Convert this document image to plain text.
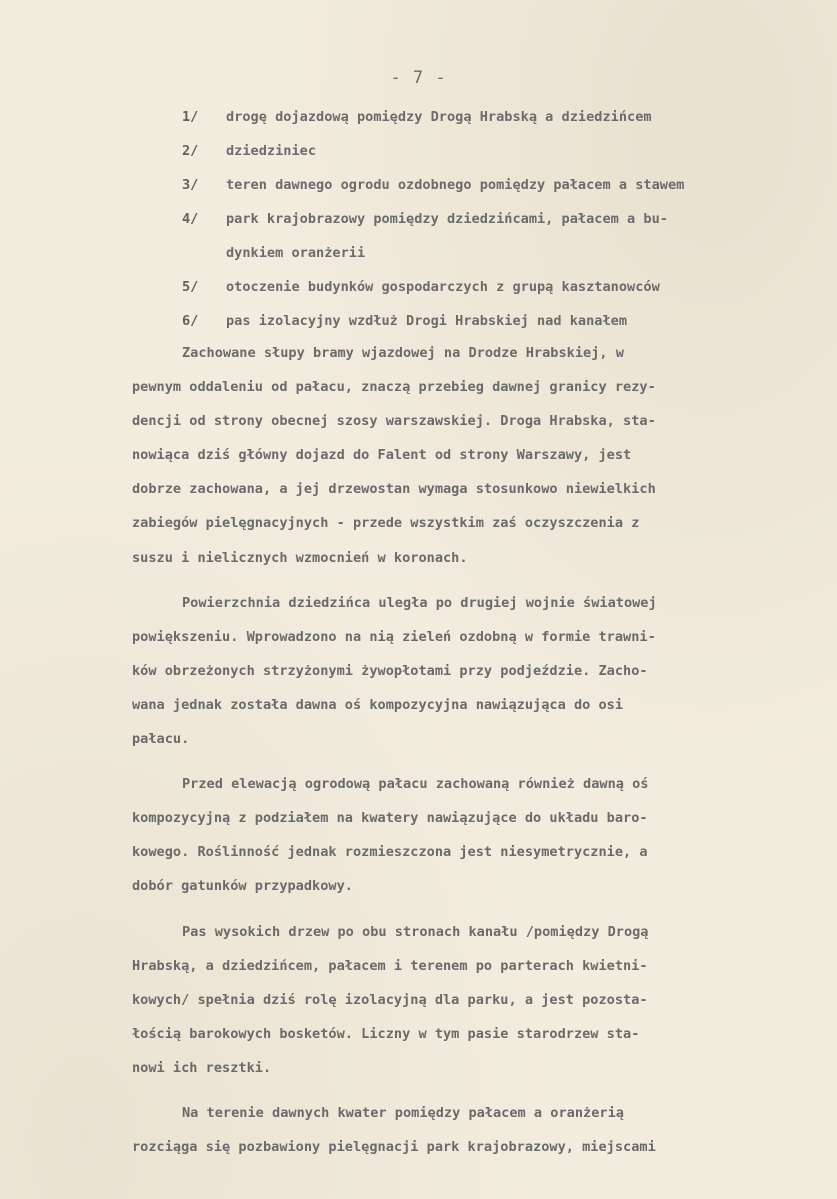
- 7 -
1/	drogę dojazdową pomiędzy Drogą Hrabską a dziedzińcem
2/	dziedziniec
3/	teren dawnego ogrodu ozdobnego pomiędzy pałacem a stawem
4/	park krajobrazowy pomiędzy dziedzińcami, pałacem a bu-
dynkiem oranżerii
5/	otoczenie budynków gospodarczych z grupą kasztanowców
6/	pas izolacyjny wzdłuż Drogi Hrabskiej nad kanałem
Zachowane słupy bramy wjazdowej na Drodze Hrabskiej, w
pewnym oddaleniu od pałacu, znaczą przebieg dawnej granicy rezy-
dencji od strony obecnej szosy warszawskiej. Droga Hrabska, sta-
nowiąca dziś główny dojazd do Falent od strony Warszawy, jest
dobrze zachowana, a jej drzewostan wymaga stosunkowo niewielkich
zabiegów pielęgnacyjnych - przede wszystkim zaś oczyszczenia z
suszu i nielicznych wzmocnień w koronach.
Powierzchnia dziedzińca uległa po drugiej wojnie światowej
powiększeniu. Wprowadzono na nią zieleń ozdobną w formie trawni-
ków obrzeżonych strzyżonymi żywopłotami przy podjeździe. Zacho-
wana jednak została dawna oś kompozycyjna nawiązująca do osi
pałacu.
Przed elewacją ogrodową pałacu zachowaną również dawną oś
kompozycyjną z podziałem na kwatery nawiązujące do układu baro-
kowego. Roślinność jednak rozmieszczona jest niesymetrycznie, a
dobór gatunków przypadkowy.
Pas wysokich drzew po obu stronach kanału /pomiędzy Drogą
Hrabską, a dziedzińcem, pałacem i terenem po parterach kwietni-
kowych/ spełnia dziś rolę izolacyjną dla parku, a jest pozosta-
łością barokowych bosketów. Liczny w tym pasie starodrzew sta-
nowi ich resztki.
Na terenie dawnych kwater pomiędzy pałacem a oranżerią
rozciąga się pozbawiony pielęgnacji park krajobrazowy, miejscami
